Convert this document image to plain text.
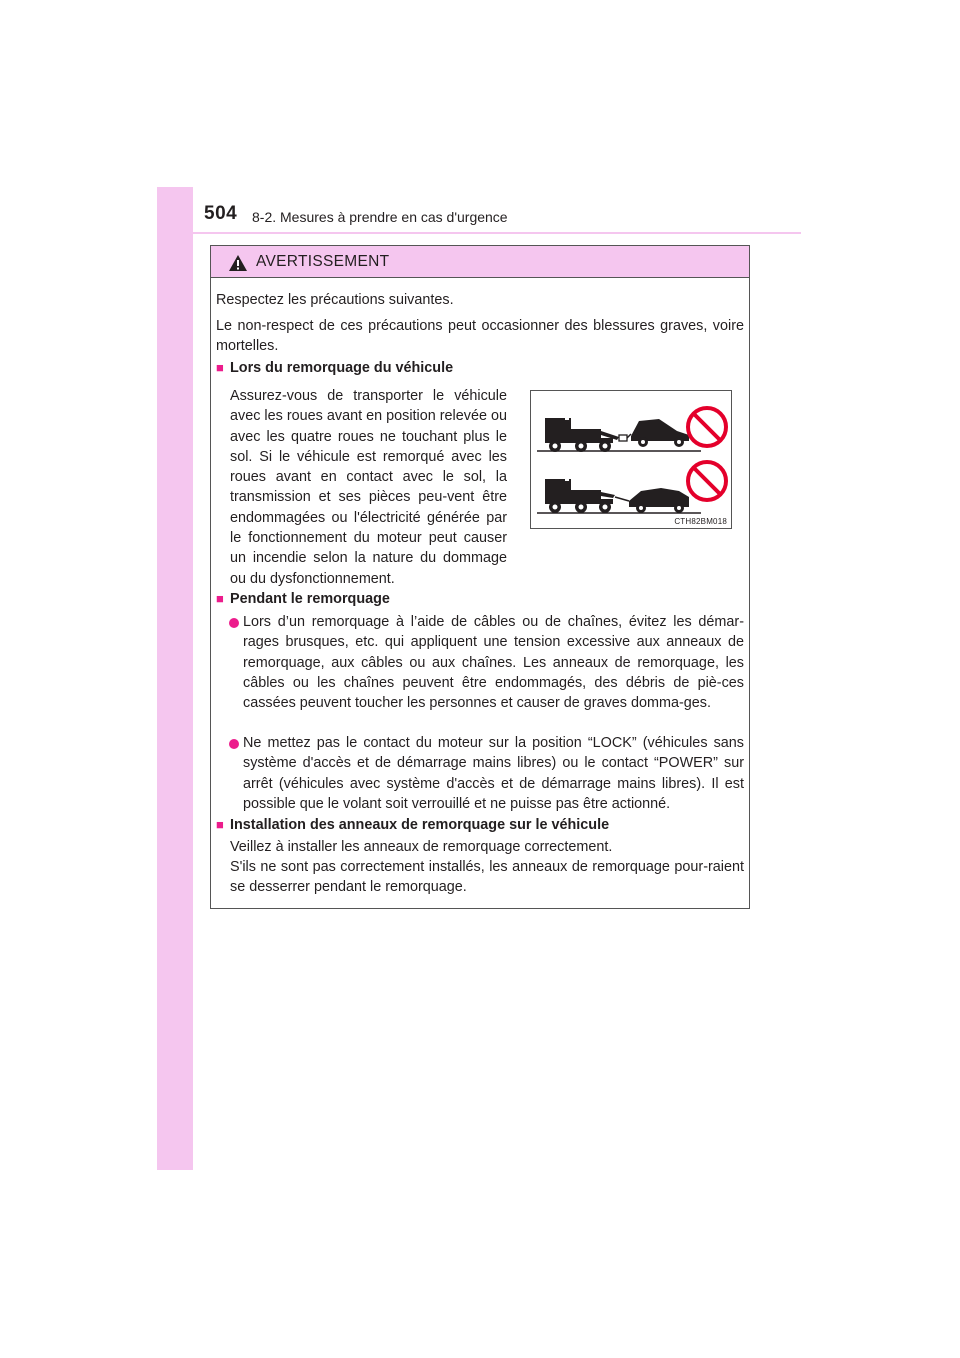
504 8-2. Mesures à prendre en cas d'urgence
AVERTISSEMENT
Respectez les précautions suivantes.
Le non-respect de ces précautions peut occasionner des blessures graves, voire mortelles.
■ Lors du remorquage du véhicule
Assurez-vous de transporter le véhicule avec les roues avant en position relevée ou avec les quatre roues ne touchant plus le sol. Si le véhicule est remorqué avec les roues avant en contact avec le sol, la transmission et ses pièces peu-vent être endommagées ou l'électricité générée par le fonctionnement du moteur peut causer un incendie selon la nature du dommage ou du dysfonctionnement.
CTH82BM018
■ Pendant le remorquage
Lors d’un remorquage à l’aide de câbles ou de chaînes, évitez les démar-rages brusques, etc. qui appliquent une tension excessive aux anneaux de remorquage, aux câbles ou aux chaînes. Les anneaux de remorquage, les câbles ou les chaînes peuvent être endommagés, des débris de piè-ces cassées peuvent toucher les personnes et causer de graves domma-ges.
Ne mettez pas le contact du moteur sur la position “LOCK” (véhicules sans système d'accès et de démarrage mains libres) ou le contact “POWER” sur arrêt (véhicules avec système d'accès et de démarrage mains libres). Il est possible que le volant soit verrouillé et ne puisse pas être actionné.
■ Installation des anneaux de remorquage sur le véhicule
Veillez à installer les anneaux de remorquage correctement.
S'ils ne sont pas correctement installés, les anneaux de remorquage pour-raient se desserrer pendant le remorquage.
